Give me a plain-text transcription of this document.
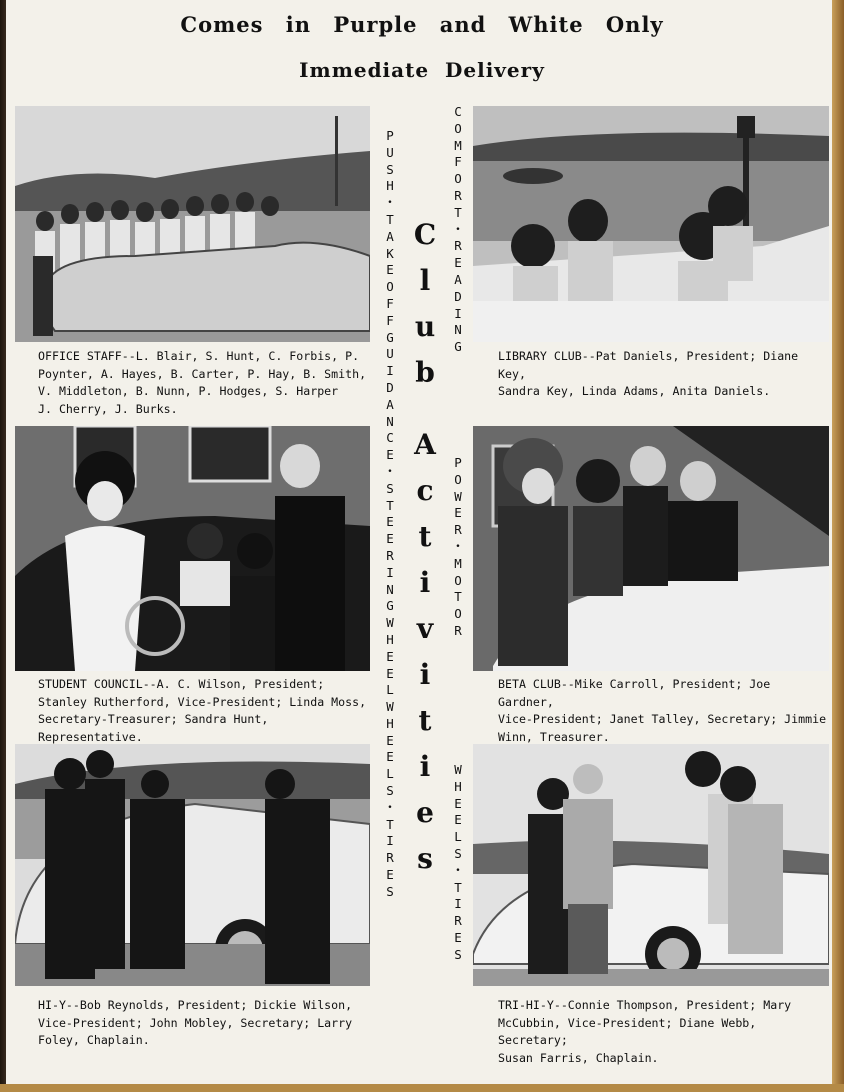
Comes in Purple and White Only
Immediate Delivery
OFFICE STAFF--L. Blair, S. Hunt, C. Forbis, P.
Poynter, A. Hayes, B. Carter, P. Hay, B. Smith,
V. Middleton, B. Nunn, P. Hodges, S. Harper
J. Cherry, J. Burks.
LIBRARY CLUB--Pat Daniels, President; Diane Key,
Sandra Key, Linda Adams, Anita Daniels.
STUDENT COUNCIL--A. C. Wilson, President;
Stanley Rutherford, Vice-President; Linda Moss,
Secretary-Treasurer; Sandra Hunt, Representative.
BETA CLUB--Mike Carroll, President; Joe Gardner,
Vice-President; Janet Talley, Secretary; Jimmie
Winn, Treasurer.
HI-Y--Bob Reynolds, President; Dickie Wilson,
Vice-President; John Mobley, Secretary; Larry
Foley, Chaplain.
TRI-HI-Y--Connie Thompson, President; Mary
McCubbin, Vice-President; Diane Webb, Secretary;
Susan Farris, Chaplain.
P
U
S
H
•
T
A
K
E
O
F
F
G
U
I
D
A
N
C
E
•
S
T
E
E
R
I
N
G
W
H
E
E
L
W
H
E
E
L
S
•
T
I
R
E
S
C
O
M
F
O
R
T
•
R
E
A
D
I
N
G
P
O
W
E
R
•
M
O
T
O
R
W
H
E
E
L
S
•
T
I
R
E
S
C
l
u
b
A
c
t
i
v
i
t
i
e
s
